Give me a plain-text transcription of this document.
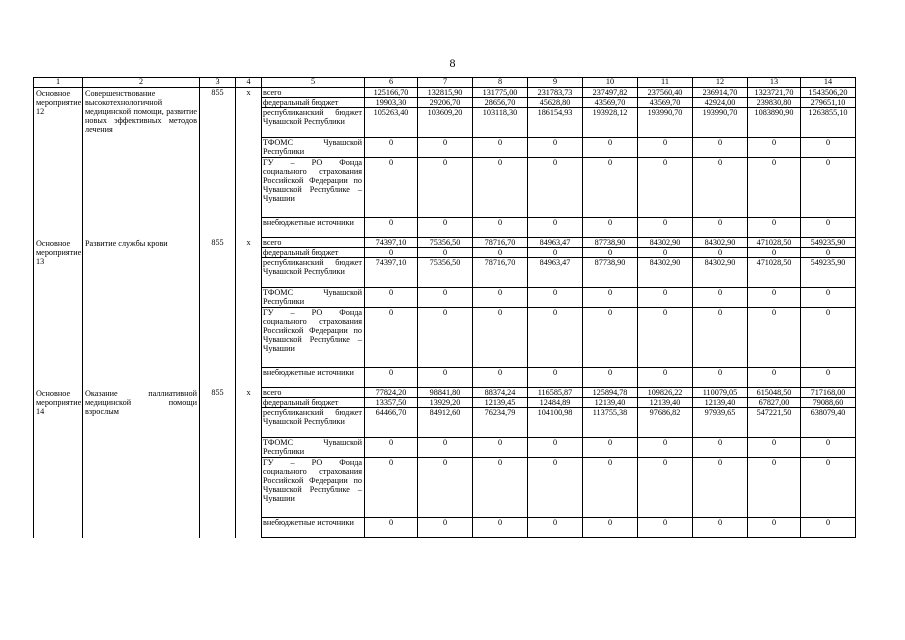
8
1	2	3	4	5	6	7	8	9	10	11	12	13	14
Основное мероприятие 12	Совершенствование высокотехнологичной медицинской помощи, развитие новых эффективных методов лечения	855	x	всего	125166,70	132815,90	131775,00	231783,73	237497,82	237560,40	236914,70	1323721,70	1543506,20
				федеральный бюджет	19903,30	29206,70	28656,70	45628,80	43569,70	43569,70	42924,00	239830,80	279651,10
				республиканский бюджет Чувашской Республики	105263,40	103609,20	103118,30	186154,93	193928,12	193990,70	193990,70	1083890,90	1263855,10
				ТФОМС Чувашской Республики	0	0	0	0	0	0	0	0	0
				ГУ – РО Фонда социального страхования Российской Федерации по Чувашской Республике – Чувашии	0	0	0	0	0	0	0	0	0
				внебюджетные источники	0	0	0	0	0	0	0	0	0
Основное мероприятие 13	Развитие службы крови	855	x	всего	74397,10	75356,50	78716,70	84963,47	87738,90	84302,90	84302,90	471028,50	549235,90
				федеральный бюджет	0	0	0	0	0	0	0	0	0
				республиканский бюджет Чувашской Республики	74397,10	75356,50	78716,70	84963,47	87738,90	84302,90	84302,90	471028,50	549235,90
				ТФОМС Чувашской Республики	0	0	0	0	0	0	0	0	0
				ГУ – РО Фонда социального страхования Российской Федерации по Чувашской Республике – Чувашии	0	0	0	0	0	0	0	0	0
				внебюджетные источники	0	0	0	0	0	0	0	0	0
Основное мероприятие 14	Оказание паллиативной медицинской помощи взрослым	855	x	всего	77824,20	98841,80	88374,24	116585,87	125894,78	109826,22	110079,05	615048,50	717168,00
				федеральный бюджет	13357,50	13929,20	12139,45	12484,89	12139,40	12139,40	12139,40	67827,00	79088,60
				республиканский бюджет Чувашской Республики	64466,70	84912,60	76234,79	104100,98	113755,38	97686,82	97939,65	547221,50	638079,40
				ТФОМС Чувашской Республики	0	0	0	0	0	0	0	0	0
				ГУ – РО Фонда социального страхования Российской Федерации по Чувашской Республике – Чувашии	0	0	0	0	0	0	0	0	0
				внебюджетные источники	0	0	0	0	0	0	0	0	0
